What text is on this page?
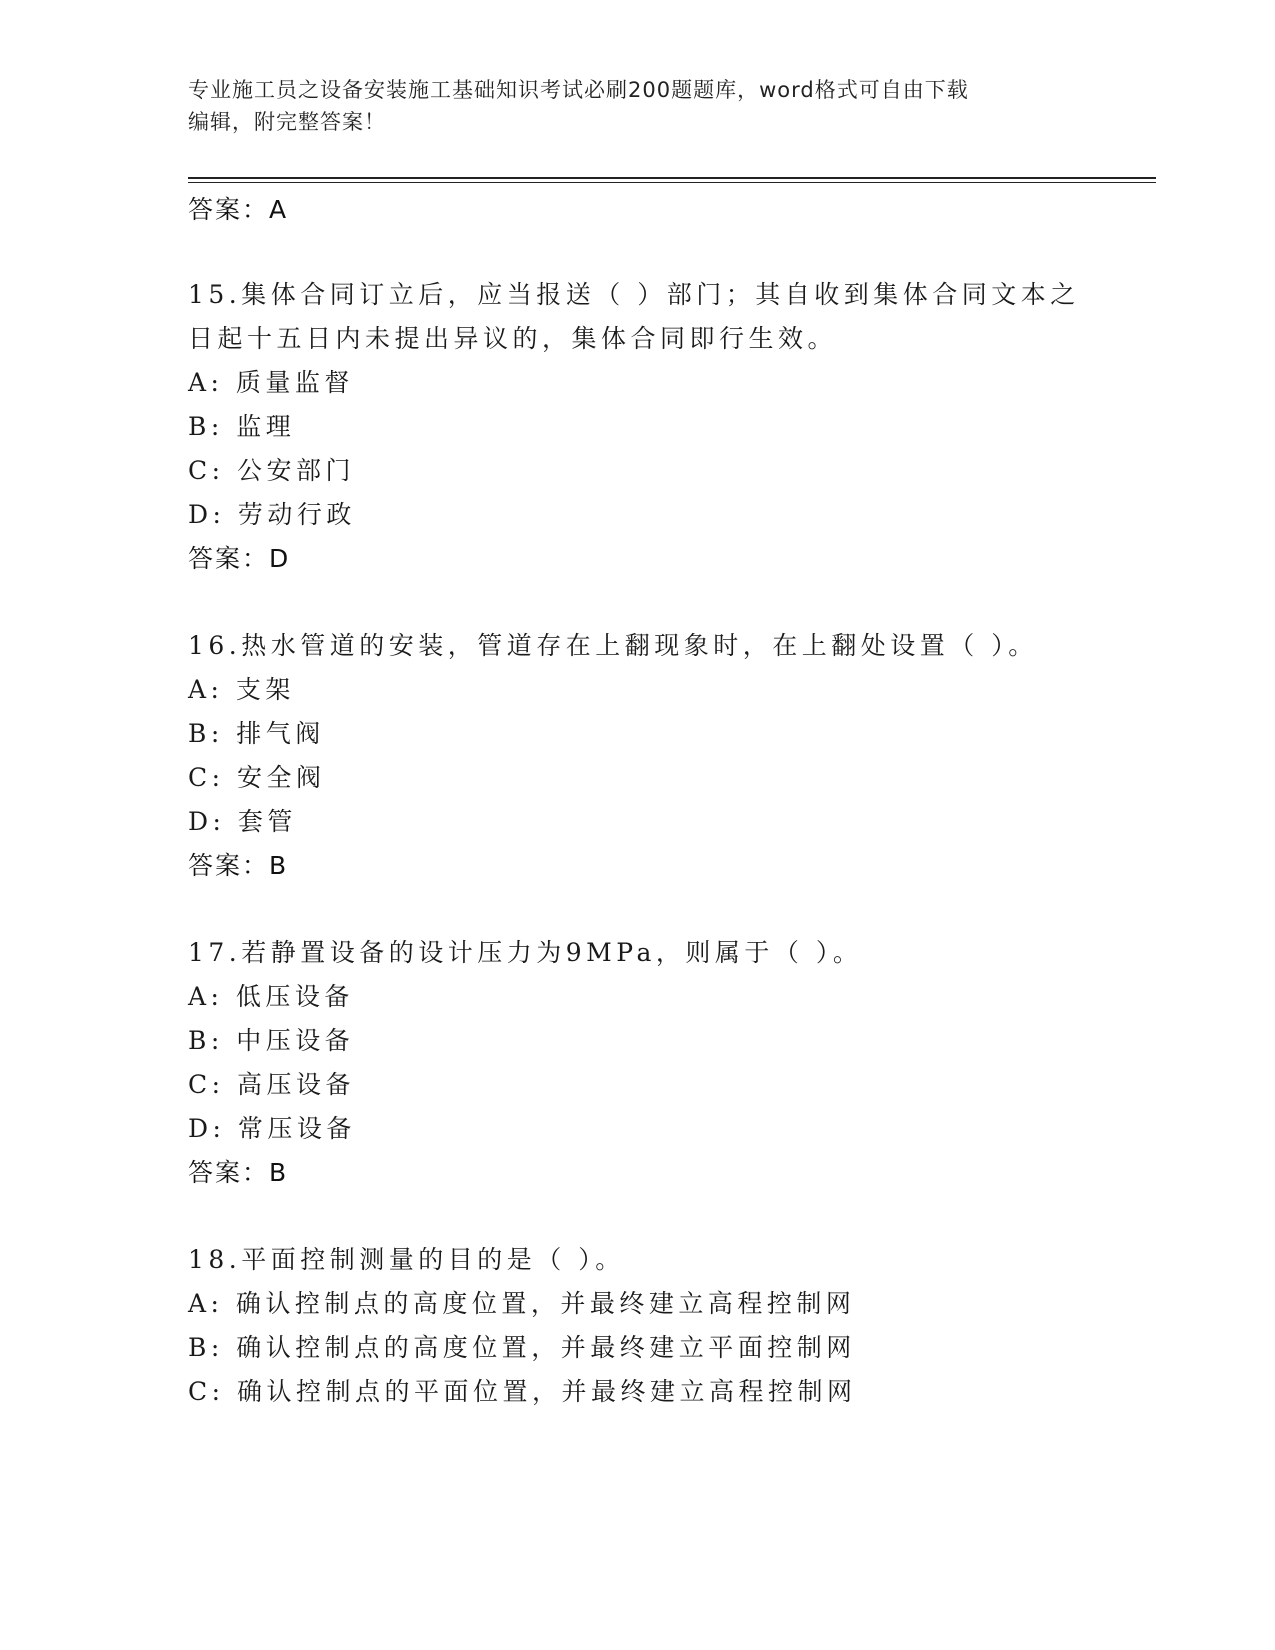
专业施工员之设备安装施工基础知识考试必刷200题题库，word格式可自由下载
编辑，附完整答案！
答案：A
15.集体合同订立后，应当报送（ ）部门；其自收到集体合同文本之
日起十五日内未提出异议的，集体合同即行生效。
A: 质量监督
B: 监理
C: 公安部门
D: 劳动行政
答案：D
16.热水管道的安装，管道存在上翻现象时，在上翻处设置（ ）。
A: 支架
B: 排气阀
C: 安全阀
D: 套管
答案：B
17.若静置设备的设计压力为9MPa，则属于（ ）。
A: 低压设备
B: 中压设备
C: 高压设备
D: 常压设备
答案：B
18.平面控制测量的目的是（ ）。
A: 确认控制点的高度位置，并最终建立高程控制网
B: 确认控制点的高度位置，并最终建立平面控制网
C: 确认控制点的平面位置，并最终建立高程控制网
